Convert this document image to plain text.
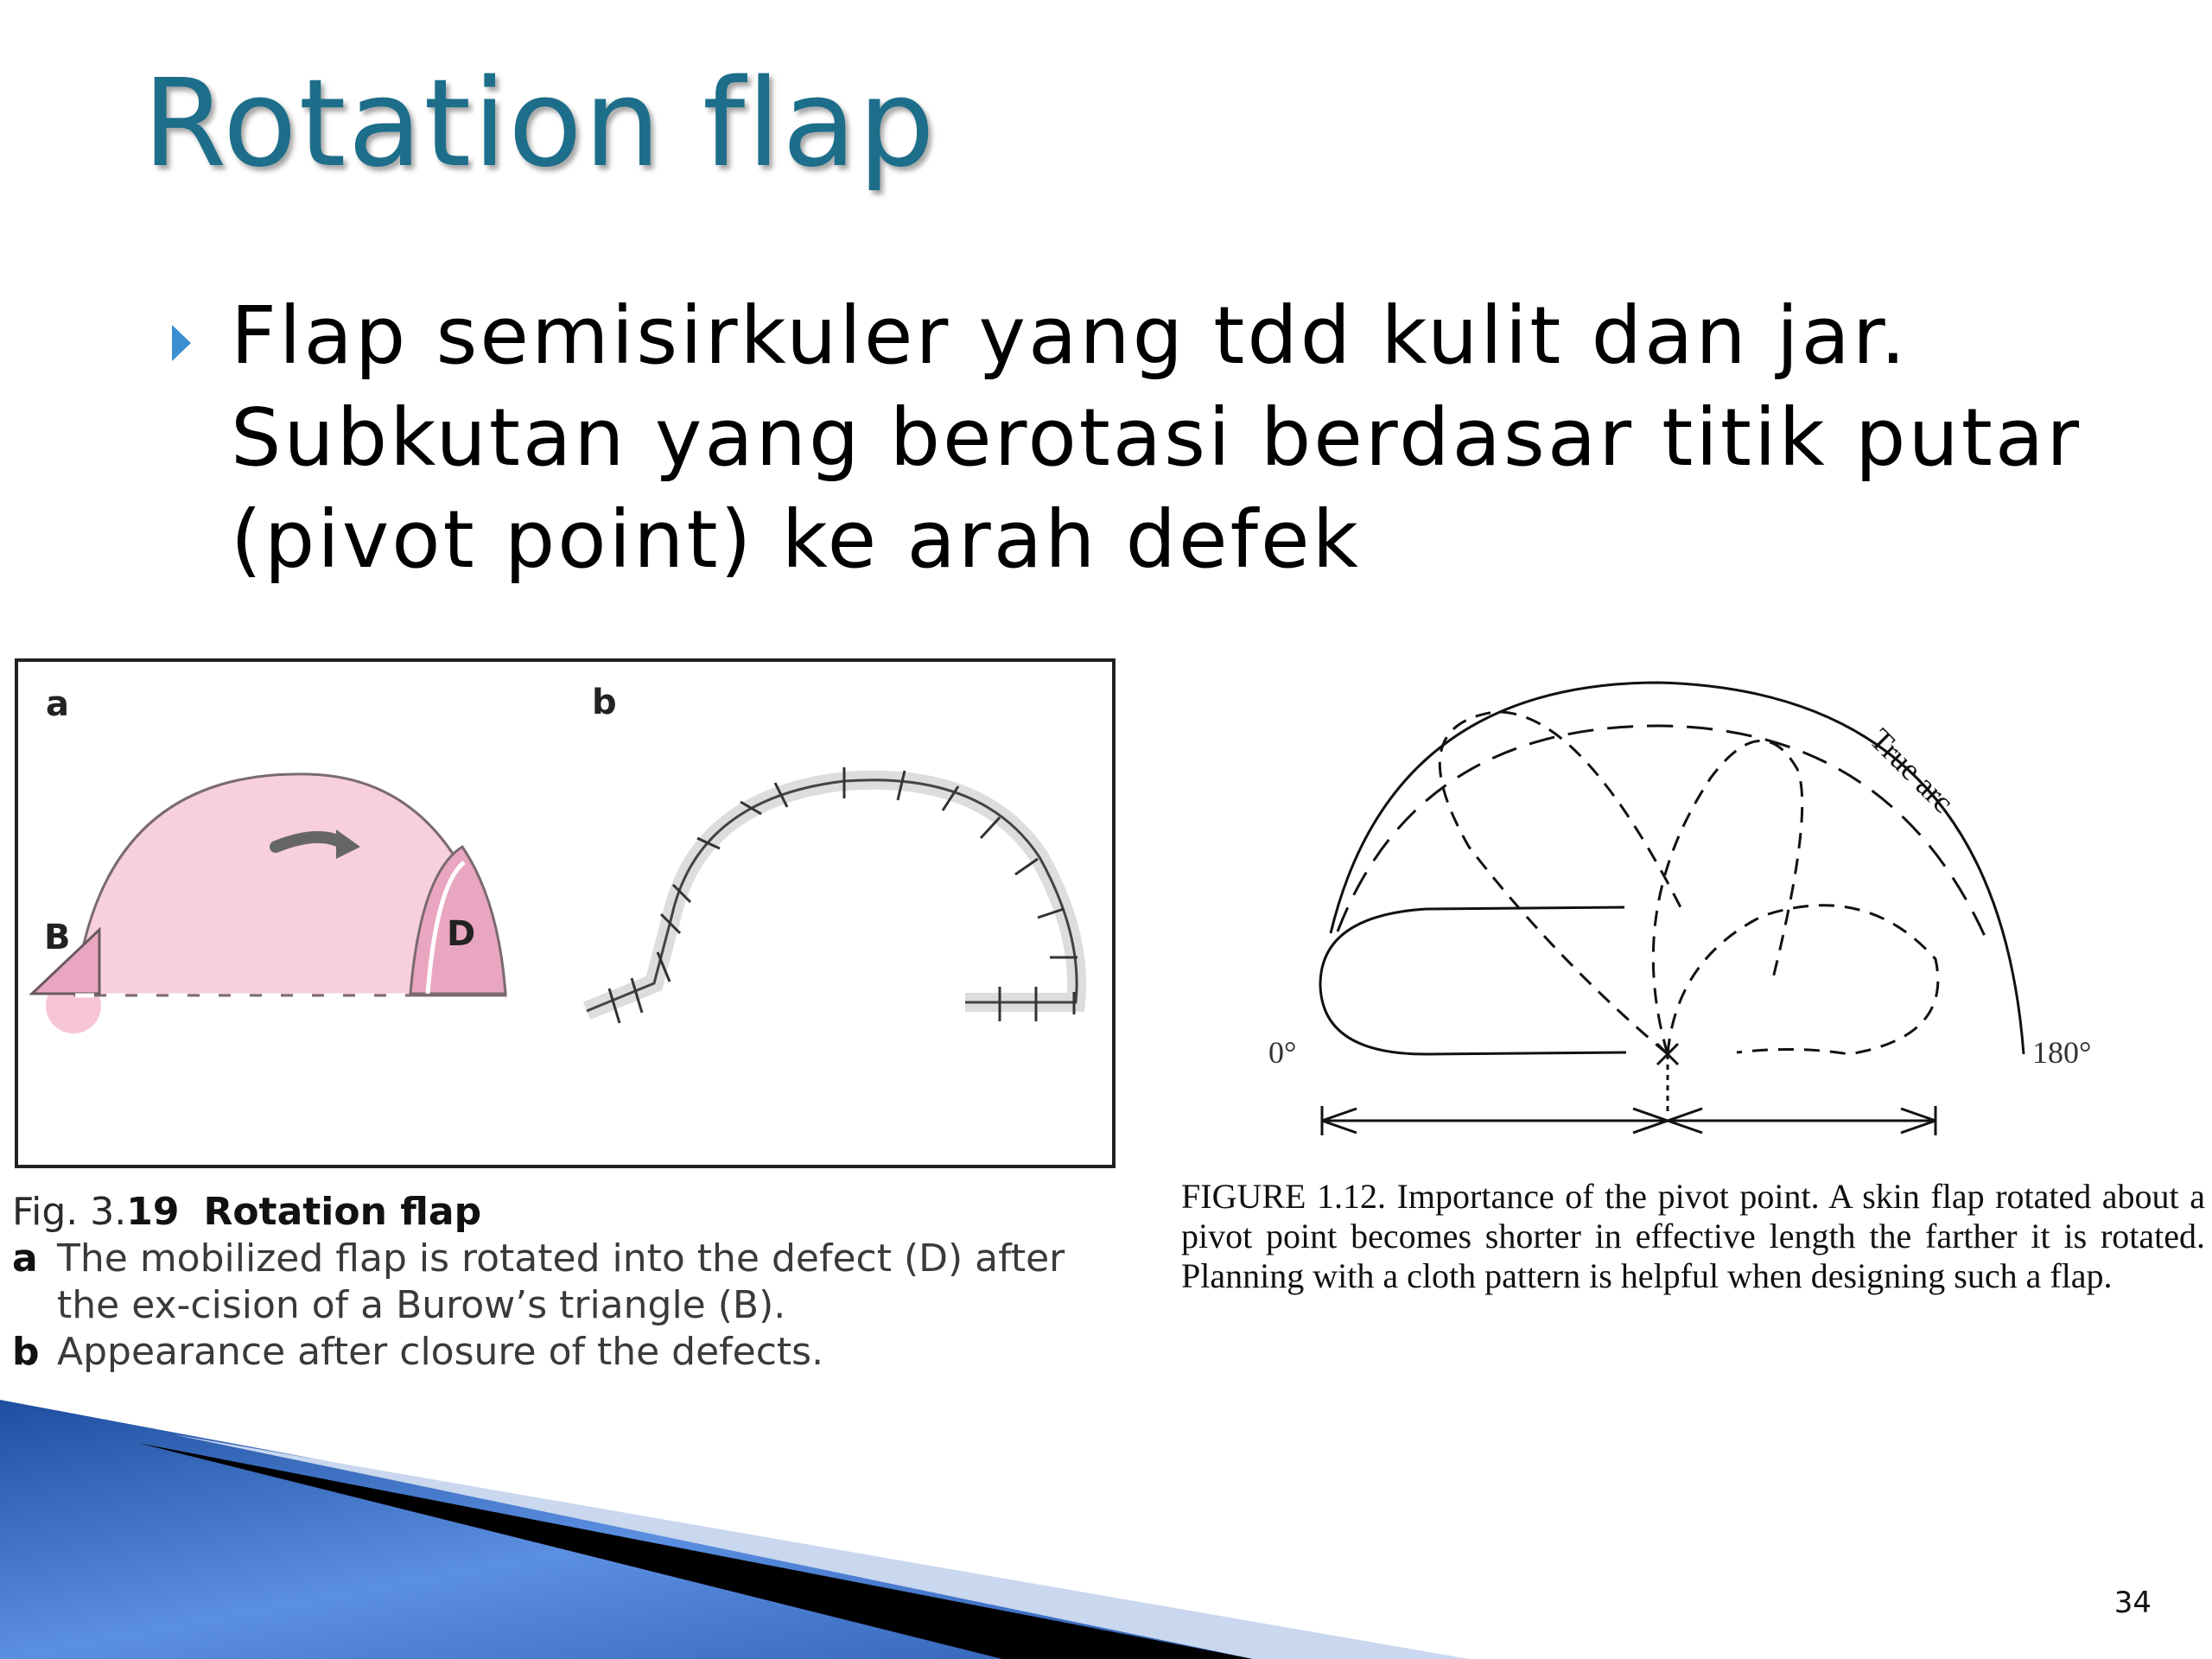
Rotation flap
Flap semisirkuler yang tdd kulit dan jar. Subkutan yang berotasi berdasar titik putar (pivot point) ke arah defek
a
B	D
b
Fig. 3.19 Rotation flap
a The mobilized flap is rotated into the defect (D) after the ex-cision of a Burow’s triangle (B).
b Appearance after closure of the defects.
True arc
0°	180°
FIGURE 1.12. Importance of the pivot point. A skin flap rotated about a pivot point becomes shorter in effective length the farther it is rotated. Planning with a cloth pattern is helpful when designing such a flap.
34
